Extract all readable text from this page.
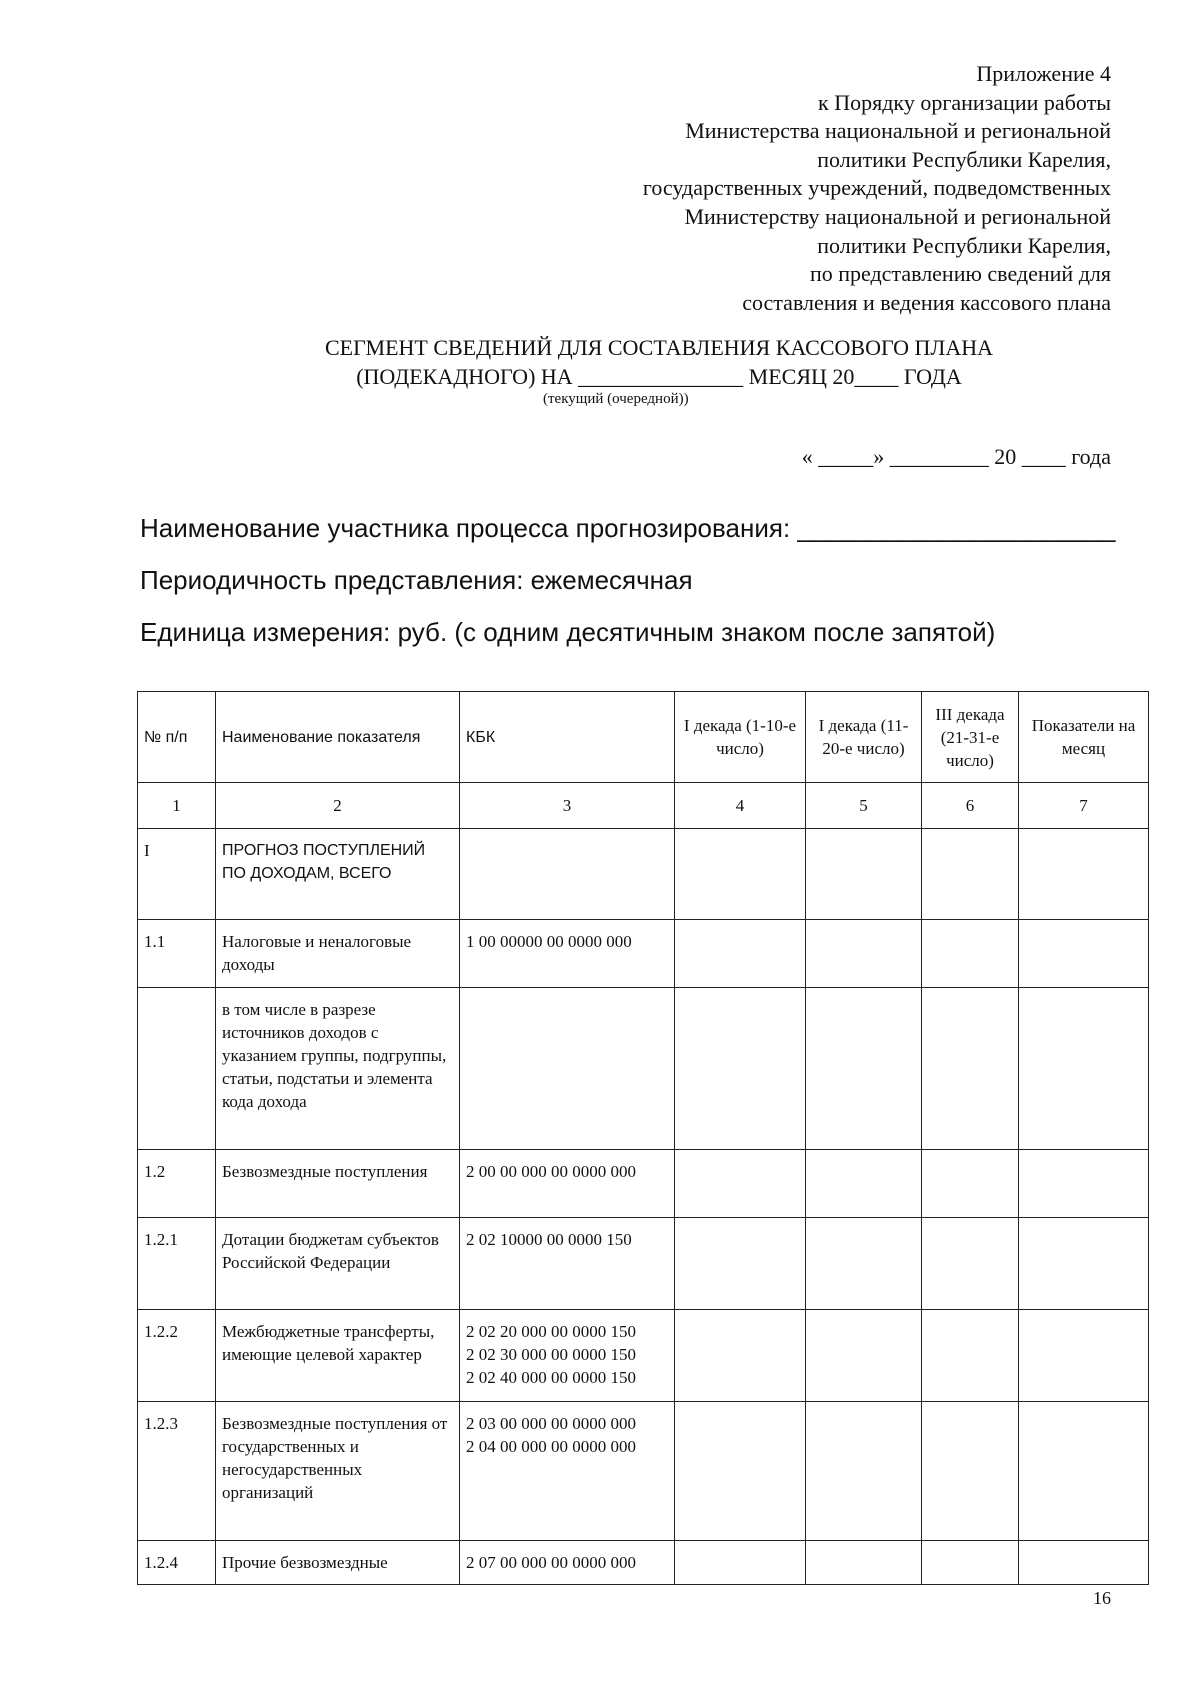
Приложение 4
к Порядку организации работы
Министерства национальной и региональной
политики Республики Карелия,
государственных учреждений, подведомственных
Министерству национальной и региональной
политики Республики Карелия,
по представлению сведений для
составления и ведения кассового плана
СЕГМЕНТ СВЕДЕНИЙ ДЛЯ СОСТАВЛЕНИЯ КАССОВОГО ПЛАНА
(ПОДЕКАДНОГО) НА _______________ МЕСЯЦ 20____ ГОДА
(текущий (очередной))
« _____» _________ 20 ____ года
Наименование участника процесса прогнозирования: ______________________
Периодичность представления: ежемесячная
Единица измерения: руб. (с одним десятичным знаком после запятой)
№ п/п	Наименование показателя	КБК	I декада (1-10-е число)	I декада (11-20-е число)	III декада (21-31-е число)	Показатели на месяц
1	2	3	4	5	6	7
I	ПРОГНОЗ ПОСТУПЛЕНИЙ ПО ДОХОДАМ, ВСЕГО					
1.1	Налоговые и неналоговые доходы	1 00 00000 00 0000 000				

	в том числе в разрезе источников доходов с указанием группы, подгруппы, статьи, подстатьи и элемента кода дохода					
1.2	Безвозмездные поступления	2 00 00 000 00 0000 000				

1.2.1	Дотации бюджетам субъектов Российской Федерации	2 02 10000 00 0000 150				

1.2.2	Межбюджетные трансферты, имеющие целевой характер	2 02 20 000 00 0000 150
2 02 30 000 00 0000 150
2 02 40 000 00 0000 150				

1.2.3	Безвозмездные поступления от государственных и негосударственных организаций	2 03 00 000 00 0000 000
2 04 00 000 00 0000 000				

1.2.4	Прочие безвозмездные	2 07 00 000 00 0000 000				

16
